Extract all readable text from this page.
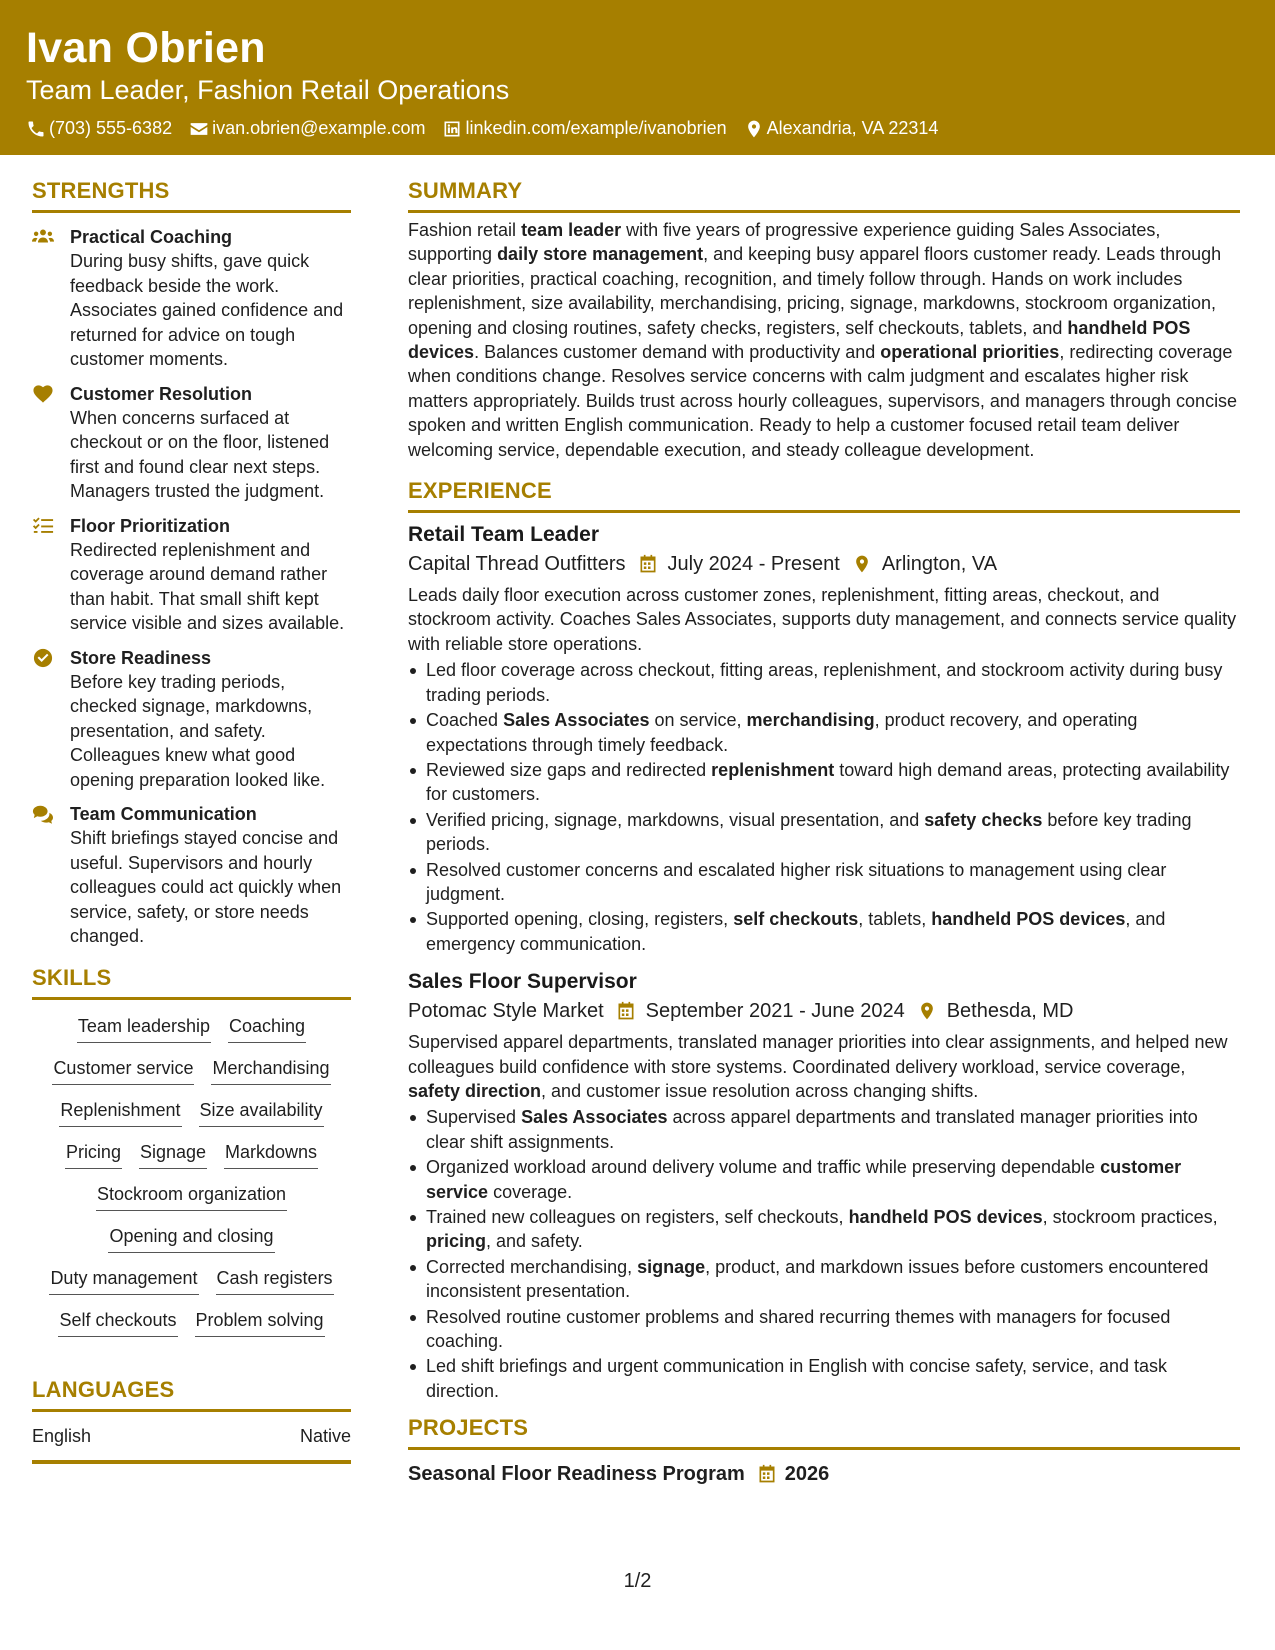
Ivan Obrien
Team Leader, Fashion Retail Operations
(703) 555-6382 ivan.obrien@example.com linkedin.com/example/ivanobrien Alexandria, VA 22314
STRENGTHS
Practical Coaching
During busy shifts, gave quick feedback beside the work. Associates gained confidence and returned for advice on tough customer moments.
Customer Resolution
When concerns surfaced at checkout or on the floor, listened first and found clear next steps. Managers trusted the judgment.
Floor Prioritization
Redirected replenishment and coverage around demand rather than habit. That small shift kept service visible and sizes available.
Store Readiness
Before key trading periods, checked signage, markdowns, presentation, and safety. Colleagues knew what good opening preparation looked like.
Team Communication
Shift briefings stayed concise and useful. Supervisors and hourly colleagues could act quickly when service, safety, or store needs changed.
SKILLS
Team leadership Coaching
Customer service Merchandising
Replenishment Size availability
Pricing Signage Markdowns
Stockroom organization
Opening and closing
Duty management Cash registers
Self checkouts Problem solving
LANGUAGES
English	Native
SUMMARY
Fashion retail team leader with five years of progressive experience guiding Sales Associates, supporting daily store management, and keeping busy apparel floors customer ready. Leads through clear priorities, practical coaching, recognition, and timely follow through. Hands on work includes replenishment, size availability, merchandising, pricing, signage, markdowns, stockroom organization, opening and closing routines, safety checks, registers, self checkouts, tablets, and handheld POS devices. Balances customer demand with productivity and operational priorities, redirecting coverage when conditions change. Resolves service concerns with calm judgment and escalates higher risk matters appropriately. Builds trust across hourly colleagues, supervisors, and managers through concise spoken and written English communication. Ready to help a customer focused retail team deliver welcoming service, dependable execution, and steady colleague development.
EXPERIENCE
Retail Team Leader
Capital Thread Outfitters July 2024 - Present Arlington, VA
Leads daily floor execution across customer zones, replenishment, fitting areas, checkout, and stockroom activity. Coaches Sales Associates, supports duty management, and connects service quality with reliable store operations.
Led floor coverage across checkout, fitting areas, replenishment, and stockroom activity during busy trading periods.
Coached Sales Associates on service, merchandising, product recovery, and operating expectations through timely feedback.
Reviewed size gaps and redirected replenishment toward high demand areas, protecting availability for customers.
Verified pricing, signage, markdowns, visual presentation, and safety checks before key trading periods.
Resolved customer concerns and escalated higher risk situations to management using clear judgment.
Supported opening, closing, registers, self checkouts, tablets, handheld POS devices, and emergency communication.
Sales Floor Supervisor
Potomac Style Market September 2021 - June 2024 Bethesda, MD
Supervised apparel departments, translated manager priorities into clear assignments, and helped new colleagues build confidence with store systems. Coordinated delivery workload, service coverage, safety direction, and customer issue resolution across changing shifts.
Supervised Sales Associates across apparel departments and translated manager priorities into clear shift assignments.
Organized workload around delivery volume and traffic while preserving dependable customer service coverage.
Trained new colleagues on registers, self checkouts, handheld POS devices, stockroom practices, pricing, and safety.
Corrected merchandising, signage, product, and markdown issues before customers encountered inconsistent presentation.
Resolved routine customer problems and shared recurring themes with managers for focused coaching.
Led shift briefings and urgent communication in English with concise safety, service, and task direction.
PROJECTS
Seasonal Floor Readiness Program 2026
1/2
